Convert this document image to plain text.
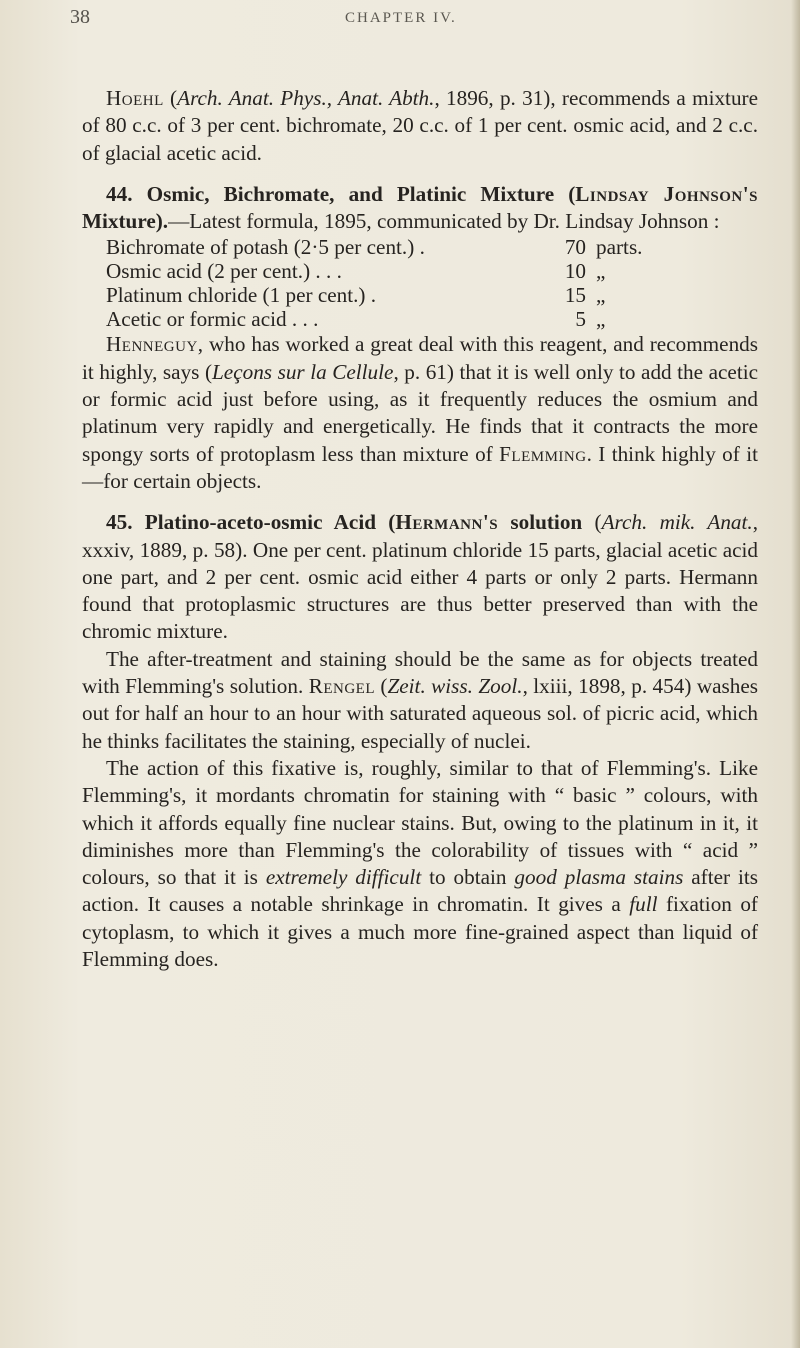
38	CHAPTER IV.

Hoehl (Arch. Anat. Phys., Anat. Abth., 1896, p. 31), recommends a mixture of 80 c.c. of 3 per cent. bichromate, 20 c.c. of 1 per cent. osmic acid, and 2 c.c. of glacial acetic acid.

44. Osmic, Bichromate, and Platinic Mixture (Lindsay Johnson's Mixture).—Latest formula, 1895, communicated by Dr. Lindsay Johnson :

Bichromate of potash (2·5 per cent.) .	70 parts.
Osmic acid (2 per cent.) . . .	10 „
Platinum chloride (1 per cent.) .	15 „
Acetic or formic acid . . .	5 „

Henneguy, who has worked a great deal with this reagent, and recommends it highly, says (Leçons sur la Cellule, p. 61) that it is well only to add the acetic or formic acid just before using, as it frequently reduces the osmium and platinum very rapidly and energetically. He finds that it contracts the more spongy sorts of protoplasm less than mixture of Flemming. I think highly of it—for certain objects.

45. Platino-aceto-osmic Acid (Hermann's solution (Arch. mik. Anat., xxxiv, 1889, p. 58). One per cent. platinum chloride 15 parts, glacial acetic acid one part, and 2 per cent. osmic acid either 4 parts or only 2 parts. Hermann found that protoplasmic structures are thus better preserved than with the chromic mixture.

The after-treatment and staining should be the same as for objects treated with Flemming's solution. Rengel (Zeit. wiss. Zool., lxiii, 1898, p. 454) washes out for half an hour to an hour with saturated aqueous sol. of picric acid, which he thinks facilitates the staining, especially of nuclei.

The action of this fixative is, roughly, similar to that of Flemming's. Like Flemming's, it mordants chromatin for staining with “ basic ” colours, with which it affords equally fine nuclear stains. But, owing to the platinum in it, it diminishes more than Flemming's the colorability of tissues with “ acid ” colours, so that it is extremely difficult to obtain good plasma stains after its action. It causes a notable shrinkage in chromatin. It gives a full fixation of cytoplasm, to which it gives a much more fine-grained aspect than liquid of Flemming does.
